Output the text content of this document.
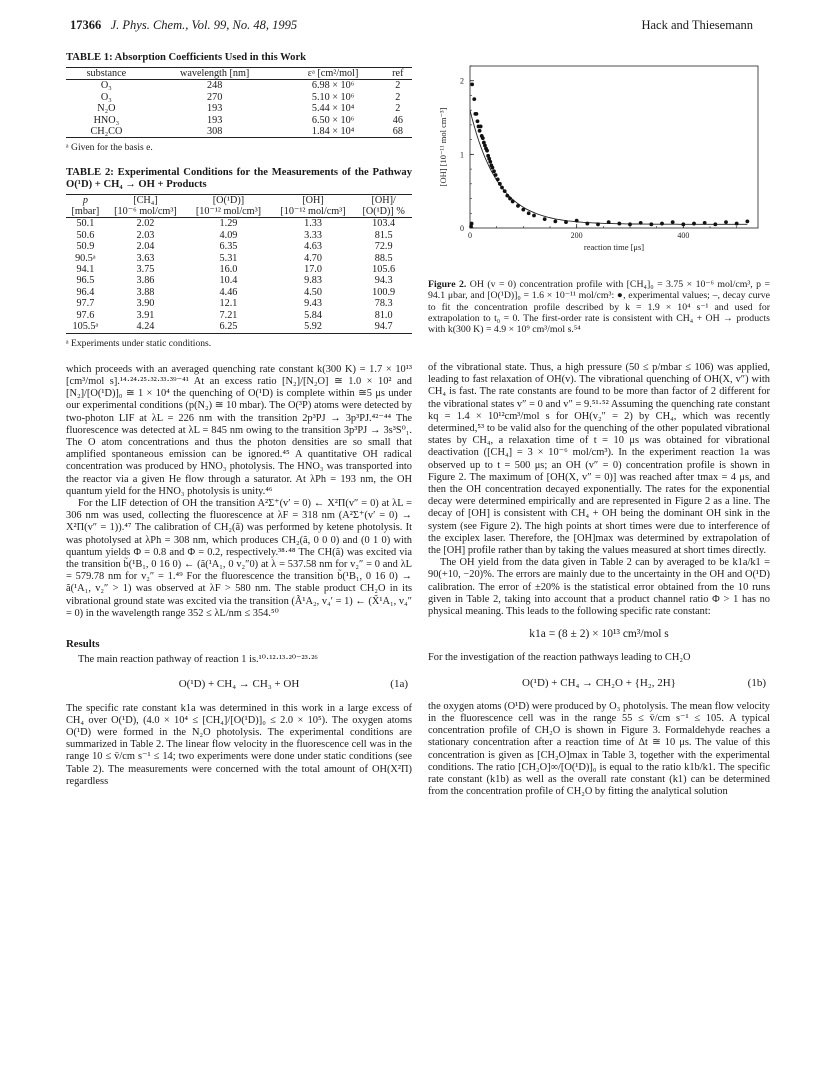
17366 J. Phys. Chem., Vol. 99, No. 48, 1995	Hack and Thiesemann
TABLE 1: Absorption Coefficients Used in this Work
substance	wavelength [nm]	εᵃ [cm²/mol]	ref
O₃	248	6.98 × 10⁶	2
O₃	270	5.10 × 10⁶	2
N₂O	193	5.44 × 10⁴	2
HNO₃	193	6.50 × 10⁶	46
CH₂CO	308	1.84 × 10⁴	68
ᵃ Given for the basis e.
TABLE 2: Experimental Conditions for the Measurements of the Pathway O(¹D) + CH₄ → OH + Products
p	[CH₄]	[O(¹D)]	[OH]	[OH]/
[mbar]	[10⁻⁶ mol/cm³]	[10⁻¹² mol/cm³]	[10⁻¹² mol/cm³]	[O(¹D)] %
50.1	2.02	1.29	1.33	103.4
50.6	2.03	4.09	3.33	81.5
50.9	2.04	6.35	4.63	72.9
90.5ᵃ	3.63	5.31	4.70	88.5
94.1	3.75	16.0	17.0	105.6
96.5	3.86	10.4	9.83	94.3
96.4	3.88	4.46	4.50	100.9
97.7	3.90	12.1	9.43	78.3
97.6	3.91	7.21	5.84	81.0
105.5ᵃ	4.24	6.25	5.92	94.7
ᵃ Experiments under static conditions.

which proceeds with an averaged quenching rate constant k(300 K) = 1.7 × 10¹³ [cm³/mol s].¹⁴·²⁴·²⁵·³²·³³·³⁹⁻⁴¹ At an excess ratio [N₂]/[N₂O] ≅ 1.0 × 10² and [N₂]/[O(¹D)]₀ ≅ 1 × 10⁴ the quenching of O(¹D) is complete within ≅5 μs under our experimental conditions (p(N₂) ≅ 10 mbar). The O(³P) atoms were detected by two-photon LIF at λL = 226 nm with the transition 2p³PJ → 3p³PJ.⁴²⁻⁴⁴ The fluorescence was detected at λL = 845 nm owing to the transition 3p³PJ → 3s³S⁰₁. The O atom concentrations and thus the photon densities are so small that amplified spontaneous emission can be ignored.⁴⁵ A quantitative OH radical concentration was produced by HNO₃ photolysis. The HNO₃ was transported into the reactor via a given He flow through a saturator. At λPh = 193 nm, the OH quantum yield for the HNO₃ photolysis is unity.⁴⁶

For the LIF detection of OH the transition A²Σ⁺(v′ = 0) ← X²Π(v″ = 0) at λL = 306 nm was used, collecting the fluorescence at λF = 318 nm (A²Σ⁺(v′ = 0) → X²Π(v″ = 1)).⁴⁷ The calibration of CH₂(ã) was performed by ketene photolysis. It was photolysed at λPh = 308 nm, which produces CH₂(ã, 0 0 0) and (0 1 0) with quantum yields Φ = 0.8 and Φ = 0.2, respectively.³⁸·⁴⁸ The CH(ã) was excited via the transition b̃(¹B₁, 0 16 0) ← (ã(¹A₁, 0 v₂″0) at λ = 537.58 nm for v₂″ = 0 and λL = 579.78 nm for v₂″ = 1.⁴⁹ For the fluorescence the transition b̃(¹B₁, 0 16 0) → ã(¹A₁, v₂″ > 1) was observed at λF > 580 nm. The stable product CH₂O in its vibrational ground state was excited via the transition (Ã¹A₂, v₄′ = 1) ← (X̃¹A₁, v₄″ = 0) in the wavelength range 352 ≤ λL/nm ≤ 354.⁵⁰

Results

The main reaction pathway of reaction 1 is.¹⁰·¹²·¹³·²⁰⁻²³·²⁶

O(¹D) + CH₄ → CH₃ + OH	(1a)

The specific rate constant k1a was determined in this work in a large excess of CH₄ over O(¹D), (4.0 × 10⁴ ≤ [CH₄]/[O(¹D)]₀ ≤ 2.0 × 10⁵). The oxygen atoms O(¹D) were formed in the N₂O photolysis. The experimental conditions are summarized in Table 2. The linear flow velocity in the fluorescence cell was in the range 10 ≤ v̄/cm s⁻¹ ≤ 14; two experiments were done under static conditions (see Table 2). The measurements were concerned with the total amount of OH(X²Π) regardless

0
1
2
0	200	400
reaction time [μs]
[OH] [10⁻¹¹ mol cm⁻³]
Figure 2. OH (v = 0) concentration profile with [CH₄]₀ = 3.75 × 10⁻⁶ mol/cm³, p = 94.1 μbar, and [O(¹D)]₀ = 1.6 × 10⁻¹¹ mol/cm³: ●, experimental values; –, decay curve to fit the concentration profile described by k = 1.9 × 10⁴ s⁻¹ and used for extrapolation to t₀ = 0. The first-order rate is consistent with CH₄ + OH → products with k(300 K) = 4.9 × 10⁹ cm³/mol s.⁵⁴

of the vibrational state. Thus, a high pressure (50 ≤ p/mbar ≤ 106) was applied, leading to fast relaxation of OH(v). The vibrational quenching of OH(X, v″) with CH₄ is fast. The rate constants are found to be more than factor of 2 different for the vibrational states v″ = 0 and v″ = 9.⁵¹·⁵² Assuming the quenching rate constant kq = 1.4 × 10¹²cm³/mol s for OH(v₂″ = 2) by CH₄, which was recently determined,⁵³ to be valid also for the quenching of the other populated vibrational states by CH₄, a relaxation time of t = 10 μs was obtained for vibrational deactivation ([CH₄] = 3 × 10⁻⁶ mol/cm³). In the experiment reaction 1a was observed up to t = 500 μs; an OH (v″ = 0) concentration profile is shown in Figure 2. The maximum of [OH(X, v″ = 0)] was reached after tmax = 4 μs, and then the OH concentration decayed exponentially. The rates for the exponential decay were determined empirically and are represented in Figure 2 as a line. The decay of [OH] is consistent with CH₄ + OH being the dominant OH sink in the system (see Figure 2). The high points at short times were due to interference of the exciplex laser. Therefore, the [OH]max was determined by extrapolation of the [OH] profile rather than by taking the values measured at short times directly.

The OH yield from the data given in Table 2 can by averaged to be k1a/k1 = 90(+10, −20)%. The errors are mainly due to the uncertainty in the OH and O(¹D) calibration. The error of ±20% is the statistical error obtained from the 10 runs given in Table 2, taking into account that a product channel ratio Φ > 1 has no physical meaning. This leads to the following specific rate constant:

k1a = (8 ± 2) × 10¹³ cm³/mol s

For the investigation of the reaction pathways leading to CH₂O

O(¹D) + CH₄ → CH₂O + {H₂, 2H}	(1b)

the oxygen atoms (O¹D) were produced by O₃ photolysis. The mean flow velocity in the fluorescence cell was in the range 55 ≤ v̄/cm s⁻¹ ≤ 105. A typical concentration profile of CH₂O is shown in Figure 3. Formaldehyde reaches a stationary concentration after a reaction time of Δt ≅ 10 μs. The value of this concentration is given as [CH₂O]max in Table 3, together with the experimental conditions. The ratio [CH₂O]∞/[O(¹D)]₀ is equal to the ratio k1b/k1. The specific rate constant (k1b) as well as the overall rate constant (k1) can be determined from the concentration profile of CH₂O by fitting the analytical solution
